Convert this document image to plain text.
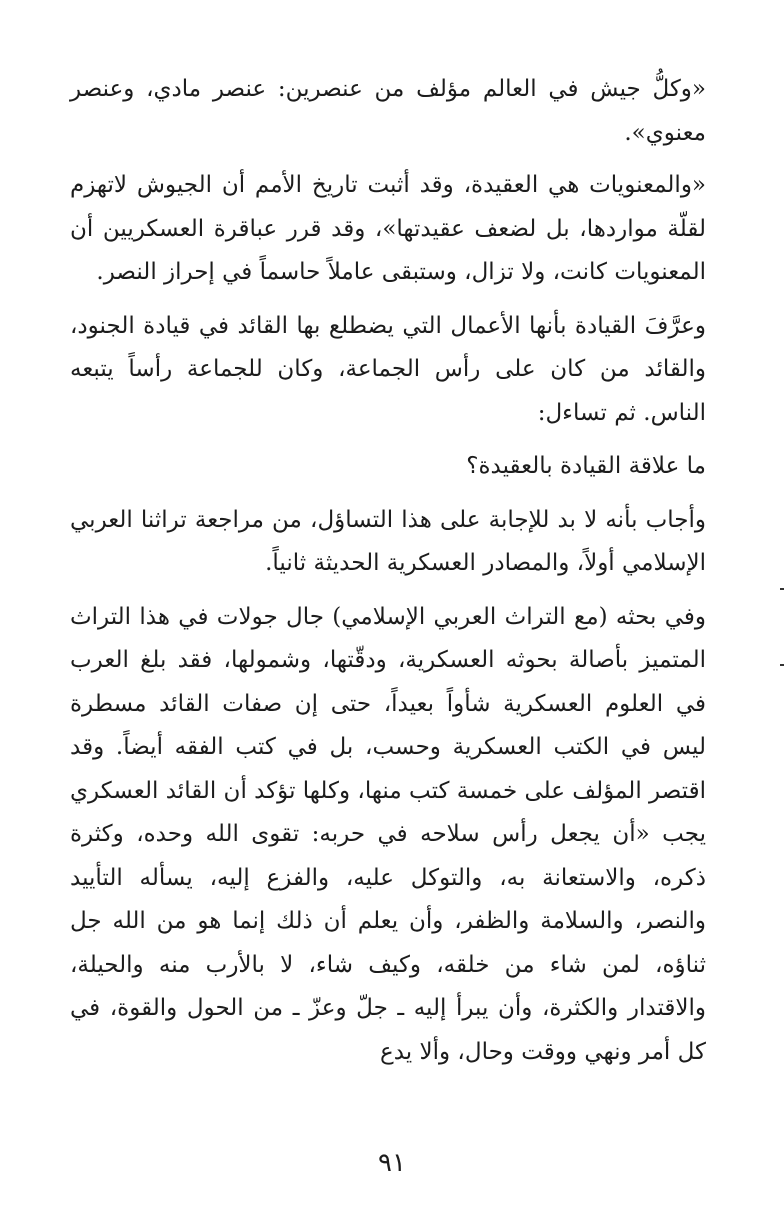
«وكلُّ جيش في العالم مؤلف من عنصرين: عنصر مادي، وعنصر معنوي».

«والمعنويات هي العقيدة، وقد أثبت تاريخ الأمم أن الجيوش لاتهزم لقلّة مواردها، بل لضعف عقيدتها»، وقد قرر عباقرة العسكريين أن المعنويات كانت، ولا تزال، وستبقى عاملاً حاسماً في إحراز النصر.

وعرَّفَ القيادة بأنها الأعمال التي يضطلع بها القائد في قيادة الجنود، والقائد من كان على رأس الجماعة، وكان للجماعة رأساً يتبعه الناس. ثم تساءل:

ما علاقة القيادة بالعقيدة؟

وأجاب بأنه لا بد للإجابة على هذا التساؤل، من مراجعة تراثنا العربي الإسلامي أولاً، والمصادر العسكرية الحديثة ثانياً.

وفي بحثه (مع التراث العربي الإسلامي) جال جولات في هذا التراث المتميز بأصالة بحوثه العسكرية، ودقّتها، وشمولها، فقد بلغ العرب في العلوم العسكرية شأواً بعيداً، حتى إن صفات القائد مسطرة ليس في الكتب العسكرية وحسب، بل في كتب الفقه أيضاً. وقد اقتصر المؤلف على خمسة كتب منها، وكلها تؤكد أن القائد العسكري يجب «أن يجعل رأس سلاحه في حربه: تقوى الله وحده، وكثرة ذكره، والاستعانة به، والتوكل عليه، والفزع إليه، يسأله التأييد والنصر، والسلامة والظفر، وأن يعلم أن ذلك إنما هو من الله جل ثناؤه، لمن شاء من خلقه، وكيف شاء، لا بالأرب منه والحيلة، والاقتدار والكثرة، وأن يبرأ إليه ـ جلّ وعزّ ـ من الحول والقوة، في كل أمر ونهي ووقت وحال، وألا يدع

٩١
